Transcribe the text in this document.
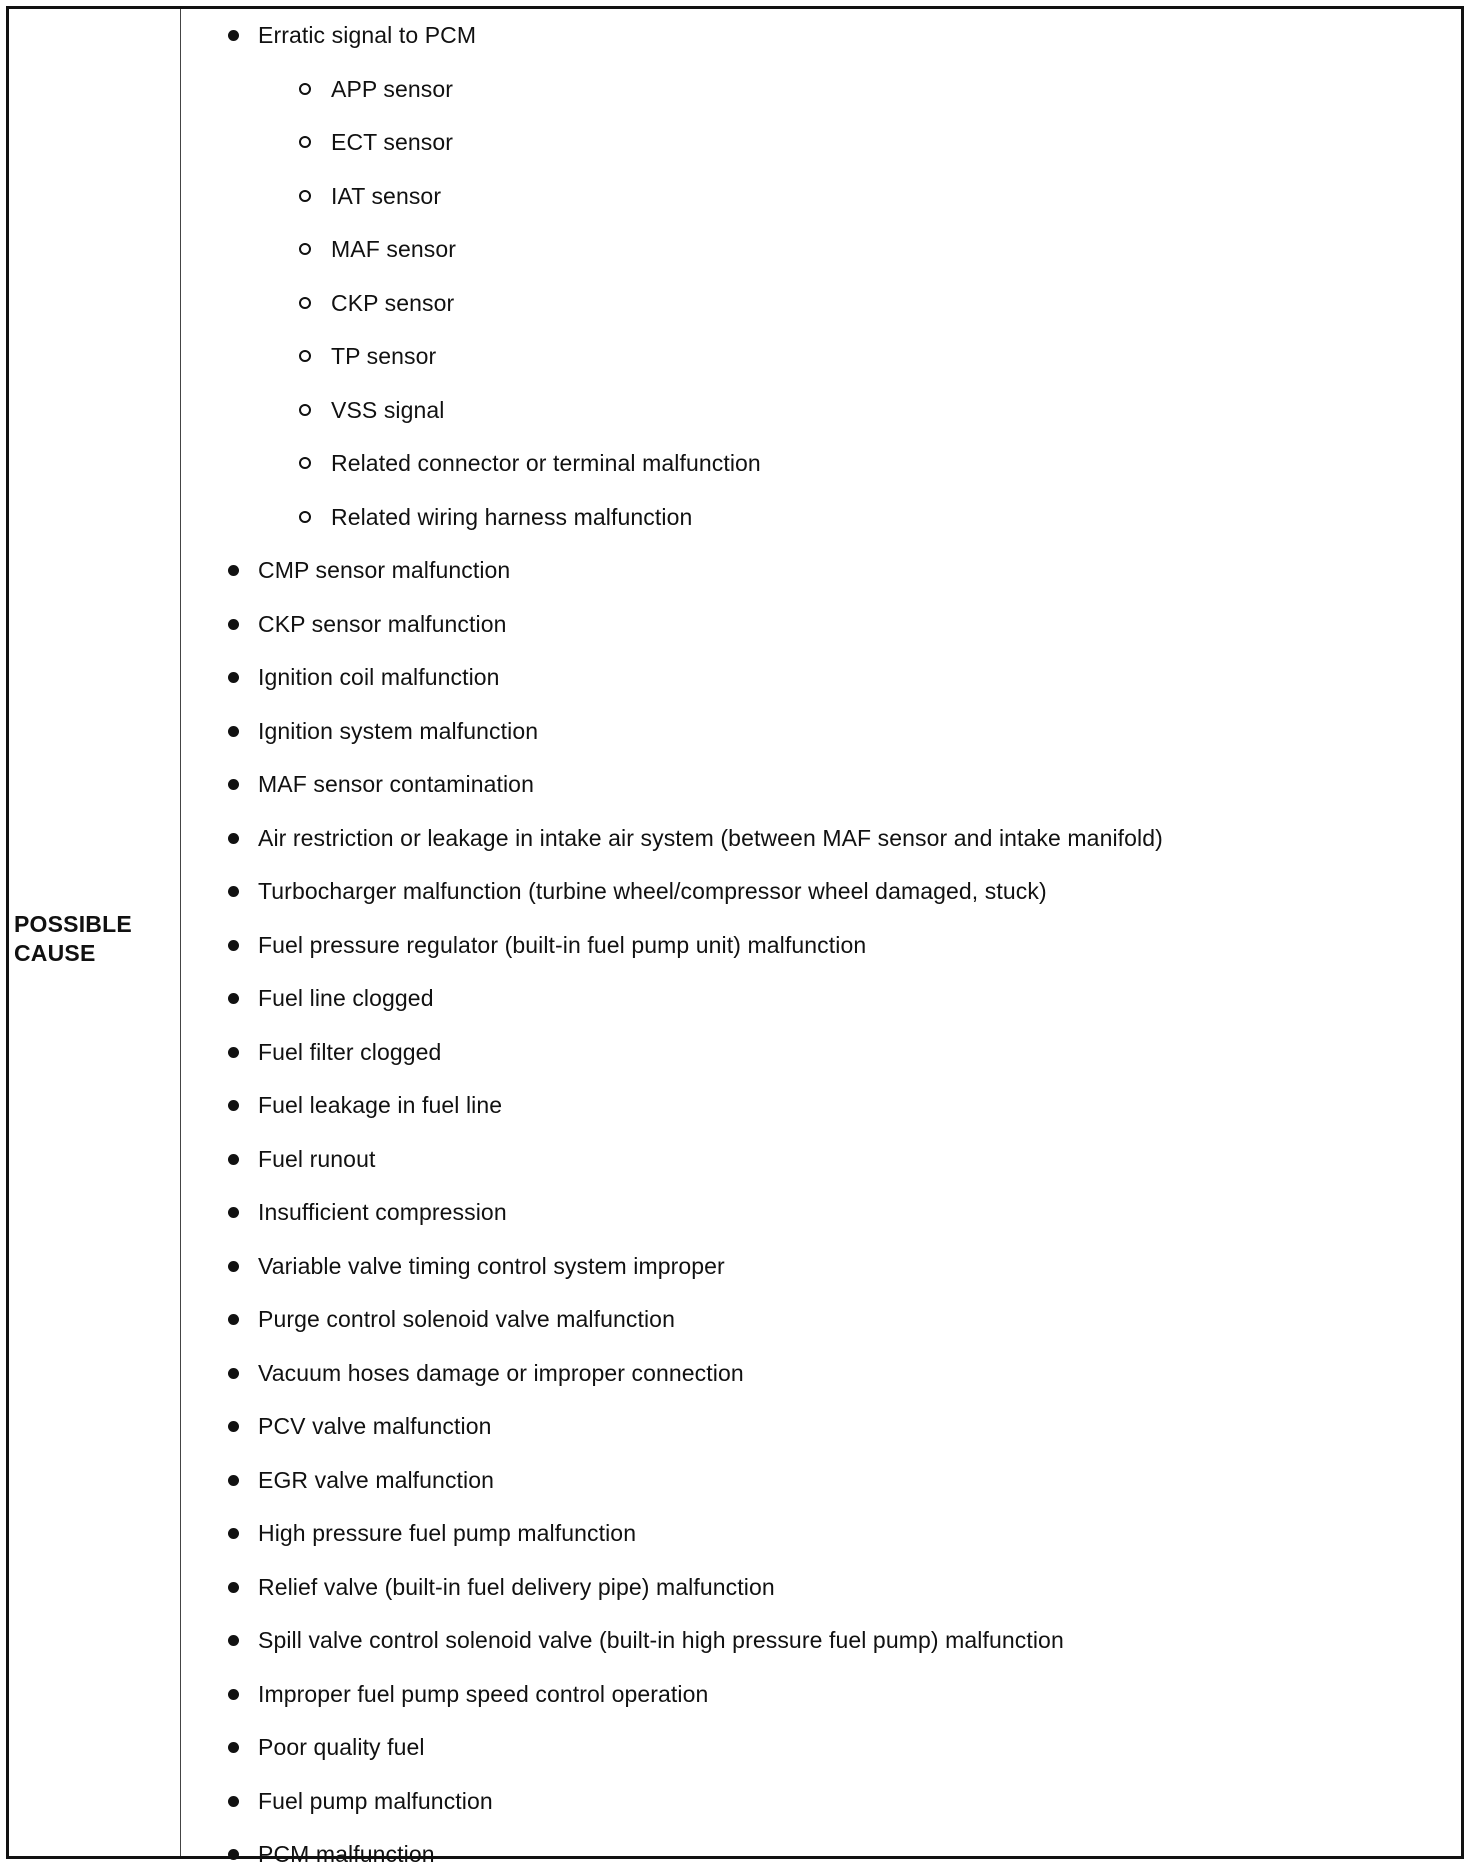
POSSIBLE CAUSE
Erratic signal to PCM
APP sensor
ECT sensor
IAT sensor
MAF sensor
CKP sensor
TP sensor
VSS signal
Related connector or terminal malfunction
Related wiring harness malfunction
CMP sensor malfunction
CKP sensor malfunction
Ignition coil malfunction
Ignition system malfunction
MAF sensor contamination
Air restriction or leakage in intake air system (between MAF sensor and intake manifold)
Turbocharger malfunction (turbine wheel/compressor wheel damaged, stuck)
Fuel pressure regulator (built-in fuel pump unit) malfunction
Fuel line clogged
Fuel filter clogged
Fuel leakage in fuel line
Fuel runout
Insufficient compression
Variable valve timing control system improper
Purge control solenoid valve malfunction
Vacuum hoses damage or improper connection
PCV valve malfunction
EGR valve malfunction
High pressure fuel pump malfunction
Relief valve (built-in fuel delivery pipe) malfunction
Spill valve control solenoid valve (built-in high pressure fuel pump) malfunction
Improper fuel pump speed control operation
Poor quality fuel
Fuel pump malfunction
PCM malfunction
